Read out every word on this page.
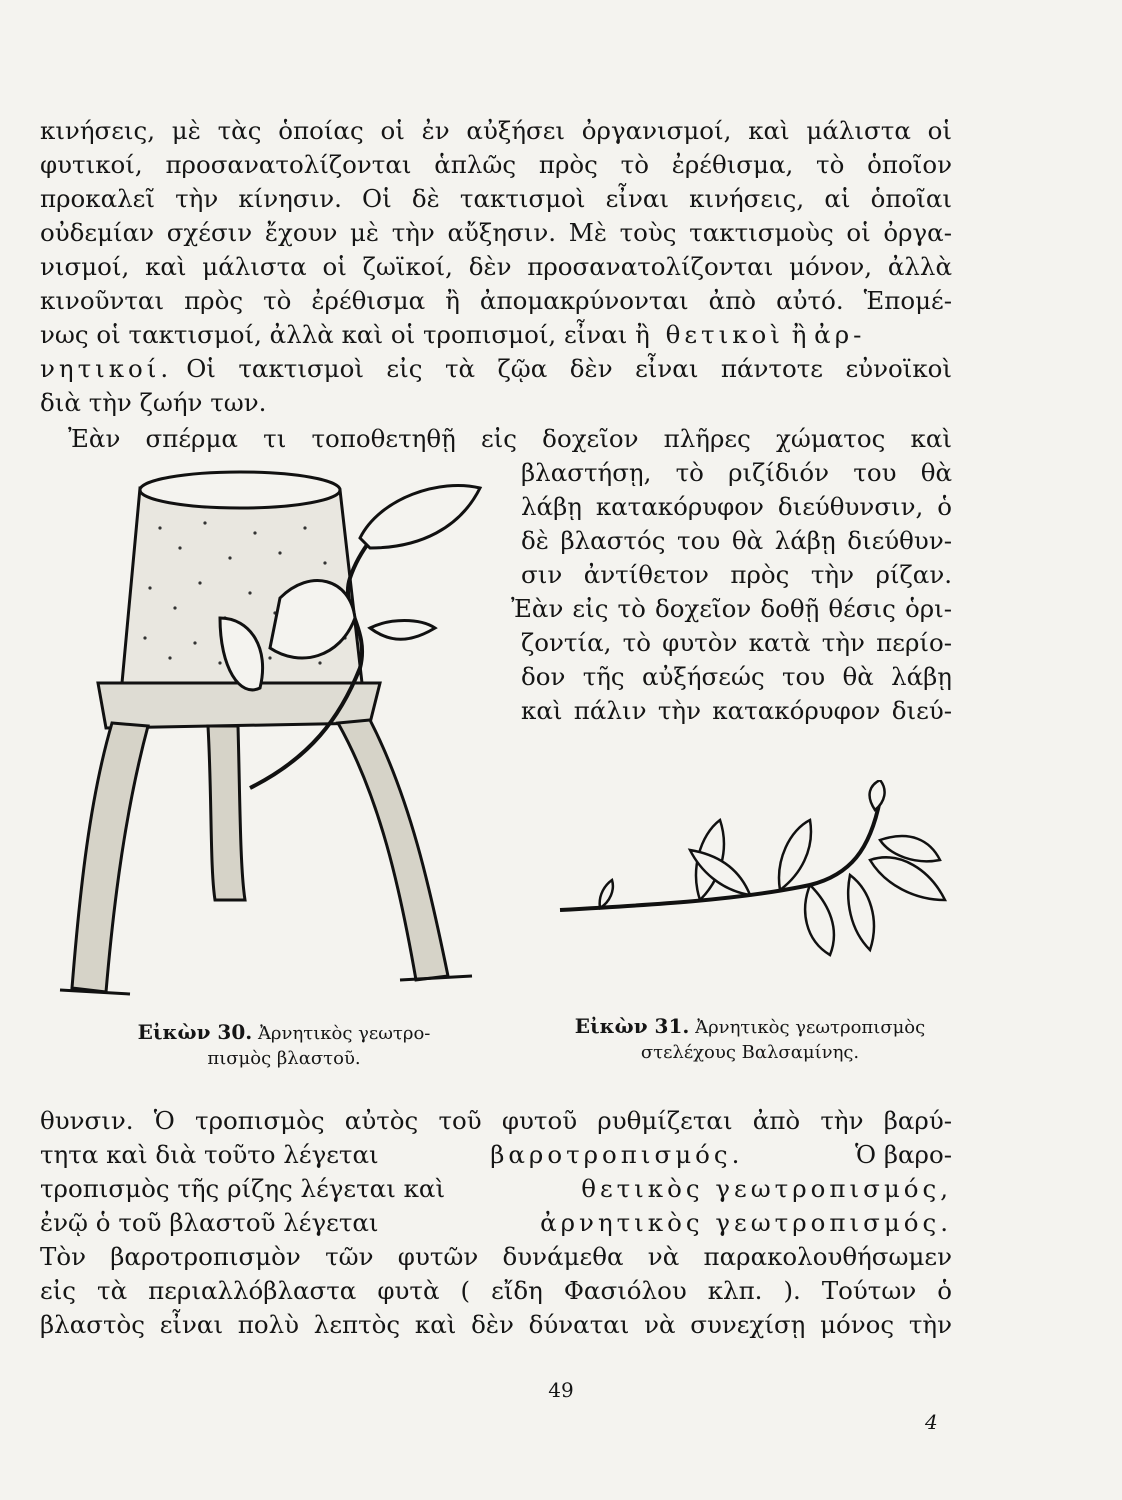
κινήσεις, μὲ τὰς ὁποίας οἱ ἐν αὐξήσει ὀργανισμοί, καὶ μάλιστα οἱ
φυτικοί, προσανατολίζονται ἁπλῶς πρὸς τὸ ἐρέθισμα, τὸ ὁποῖον
προκαλεῖ τὴν κίνησιν. Οἱ δὲ τακτισμοὶ εἶναι κινήσεις, αἱ ὁποῖαι
οὐδεμίαν σχέσιν ἔχουν μὲ τὴν αὔξησιν. Μὲ τοὺς τακτισμοὺς οἱ ὀργα-
νισμοί, καὶ μάλιστα οἱ ζωϊκοί, δὲν προσανατολίζονται μόνον, ἀλλὰ
κινοῦνται πρὸς τὸ ἐρέθισμα ἢ ἀπομακρύνονται ἀπὸ αὐτό. Ἑπομέ-
νως οἱ τακτισμοί, ἀλλὰ καὶ οἱ τροπισμοί, εἶναι ἢ θετικοὶ ἢ ἀρ-
νητικοί. Οἱ τακτισμοὶ εἰς τὰ ζῷα δὲν εἶναι πάντοτε εὐνοϊκοὶ
διὰ τὴν ζωήν των.
Ἐὰν σπέρμα τι τοποθετηθῇ εἰς δοχεῖον πλῆρες χώματος καὶ
βλαστήσῃ, τὸ ριζίδιόν του θὰ
λάβῃ κατακόρυφον διεύθυνσιν, ὁ
δὲ βλαστός του θὰ λάβῃ διεύθυν-
σιν ἀντίθετον πρὸς τὴν ρίζαν.
Ἐὰν εἰς τὸ δοχεῖον δοθῇ θέσις ὁρι-
ζοντία, τὸ φυτὸν κατὰ τὴν περίο-
δον τῆς αὐξήσεώς του θὰ λάβῃ
καὶ πάλιν τὴν κατακόρυφον διεύ-
Εἰκὼν 30. Ἀρνητικὸς γεωτρο-
πισμὸς βλαστοῦ.
Εἰκὼν 31. Ἀρνητικὸς γεωτροπισμὸς
στελέχους Βαλσαμίνης.
θυνσιν. Ὁ τροπισμὸς αὐτὸς τοῦ φυτοῦ ρυθμίζεται ἀπὸ τὴν βαρύ-
τητα καὶ διὰ τοῦτο λέγεται	βαροτροπισμός.	Ὁ βαρο-
τροπισμὸς τῆς ρίζης λέγεται καὶ	θετικὸς γεωτροπισμός,
ἐνῷ ὁ τοῦ βλαστοῦ λέγεται	ἀρνητικὸς γεωτροπισμός.
Τὸν βαροτροπισμὸν τῶν φυτῶν δυνάμεθα νὰ παρακολουθήσωμεν
εἰς τὰ περιαλλόβλαστα φυτὰ ( εἴδη Φασιόλου κλπ. ). Τούτων ὁ
βλαστὸς εἶναι πολὺ λεπτὸς καὶ δὲν δύναται νὰ συνεχίσῃ μόνος τὴν
49
4
